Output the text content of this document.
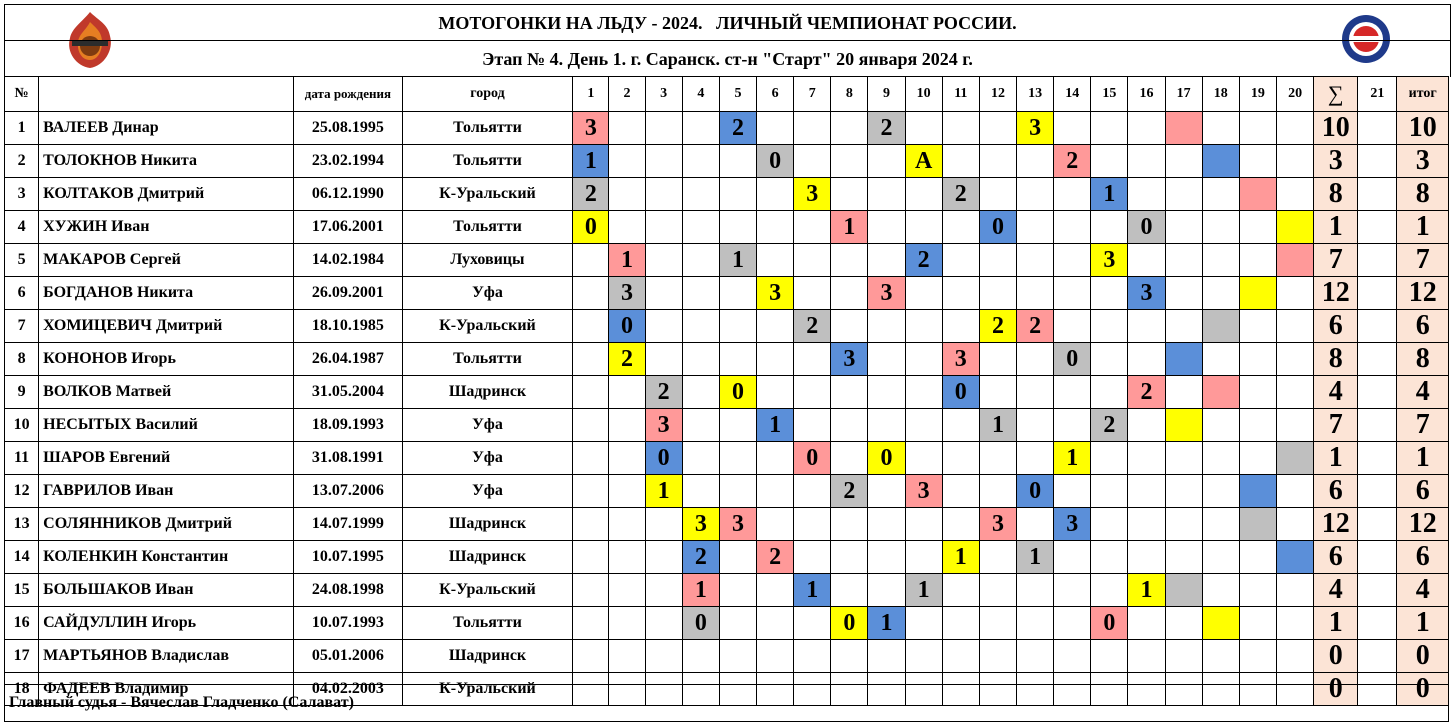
МОТОГОНКИ НА ЛЬДУ - 2024.   ЛИЧНЫЙ ЧЕМПИОНАТ РОССИИ.
Этап № 4. День 1. г. Саранск. ст-н "Старт" 20 января 2024 г.
№		дата рождения	город	1	2	3	4	5	6	7	8	9	10	11	12	13	14	15	16	17	18	19	20	∑	21	итог
1	ВАЛЕЕВ Динар	25.08.1995	Тольятти	3				2				2				3								10		10
2	ТОЛОКНОВ Никита	23.02.1994	Тольятти	1					0				А				2							3		3
3	КОЛТАКОВ Дмитрий	06.12.1990	К-Уральский	2						3				2				1						8		8
4	ХУЖИН Иван	17.06.2001	Тольятти	0							1				0				0					1		1
5	МАКАРОВ Сергей	14.02.1984	Луховицы		1			1					2					3						7		7
6	БОГДАНОВ Никита	26.09.2001	Уфа		3				3			3							3					12		12
7	ХОМИЦЕВИЧ Дмитрий	18.10.1985	К-Уральский		0					2					2	2								6		6
8	КОНОНОВ Игорь	26.04.1987	Тольятти		2						3			3			0							8		8
9	ВОЛКОВ Матвей	31.05.2004	Шадринск			2		0						0					2					4		4
10	НЕСЫТЫХ Василий	18.09.1993	Уфа			3			1						1			2						7		7
11	ШАРОВ Евгений	31.08.1991	Уфа			0				0		0					1							1		1
12	ГАВРИЛОВ Иван	13.07.2006	Уфа			1					2		3			0								6		6
13	СОЛЯННИКОВ Дмитрий	14.07.1999	Шадринск				3	3							3		3							12		12
14	КОЛЕНКИН Константин	10.07.1995	Шадринск				2		2					1		1								6		6
15	БОЛЬШАКОВ Иван	24.08.1998	К-Уральский				1			1			1						1					4		4
16	САЙДУЛЛИН Игорь	10.07.1993	Тольятти				0				0	1						0						1		1
17	МАРТЬЯНОВ Владислав	05.01.2006	Шадринск																					0		0
18	ФАДЕЕВ Владимир	04.02.2003	К-Уральский																					0		0
Главный судья - Вячеслав Гладченко (Салават)
